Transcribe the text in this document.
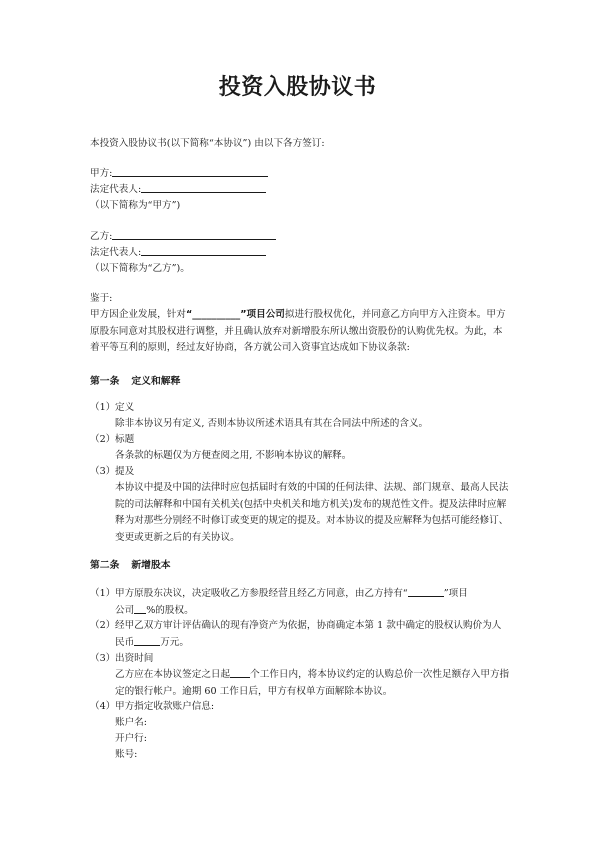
投资入股协议书
本投资入股协议书(以下简称“本协议”) 由以下各方签订:
甲方:
法定代表人:
（以下简称为“甲方”)
乙方:
法定代表人:
（以下简称为“乙方”)。
鉴于:
甲方因企业发展，针对“__________”项目公司拟进行股权优化，并同意乙方向甲方入注资本。甲方原股东同意对其股权进行调整，并且确认放弃对新增股东所认缴出资股份的认购优先权。为此，本着平等互利的原则，经过友好协商，各方就公司入资事宜达成如下协议条款:
第一条 定义和解释
（1） 定义
除非本协议另有定义, 否则本协议所述术语具有其在合同法中所述的含义。
（2） 标题
各条款的标题仅为方便查阅之用, 不影响本协议的解释。
（3） 提及
本协议中提及中国的法律时应包括届时有效的中国的任何法律、法规、部门规章、最高人民法院的司法解释和中国有关机关(包括中央机关和地方机关)发布的规范性文件。提及法律时应解释为对那些分别经不时修订或变更的规定的提及。对本协议的提及应解释为包括可能经修订、变更或更新之后的有关协议。
第二条 新增股本
（1） 甲方原股东决议，决定吸收乙方参股经营且经乙方同意，由乙方持有“	”项目
公司 %的股权。
（2） 经甲乙双方审计评估确认的现有净资产为依据，协商确定本第 1 款中确定的股权认购价为人民币	万元。
（3） 出资时间
乙方应在本协议签定之日起 个工作日内，将本协议约定的认购总价一次性足额存入甲方指定的银行帐户。逾期 60 工作日后，甲方有权单方面解除本协议。
（4） 甲方指定收款账户信息:
账户名:
开户行:
账号:
